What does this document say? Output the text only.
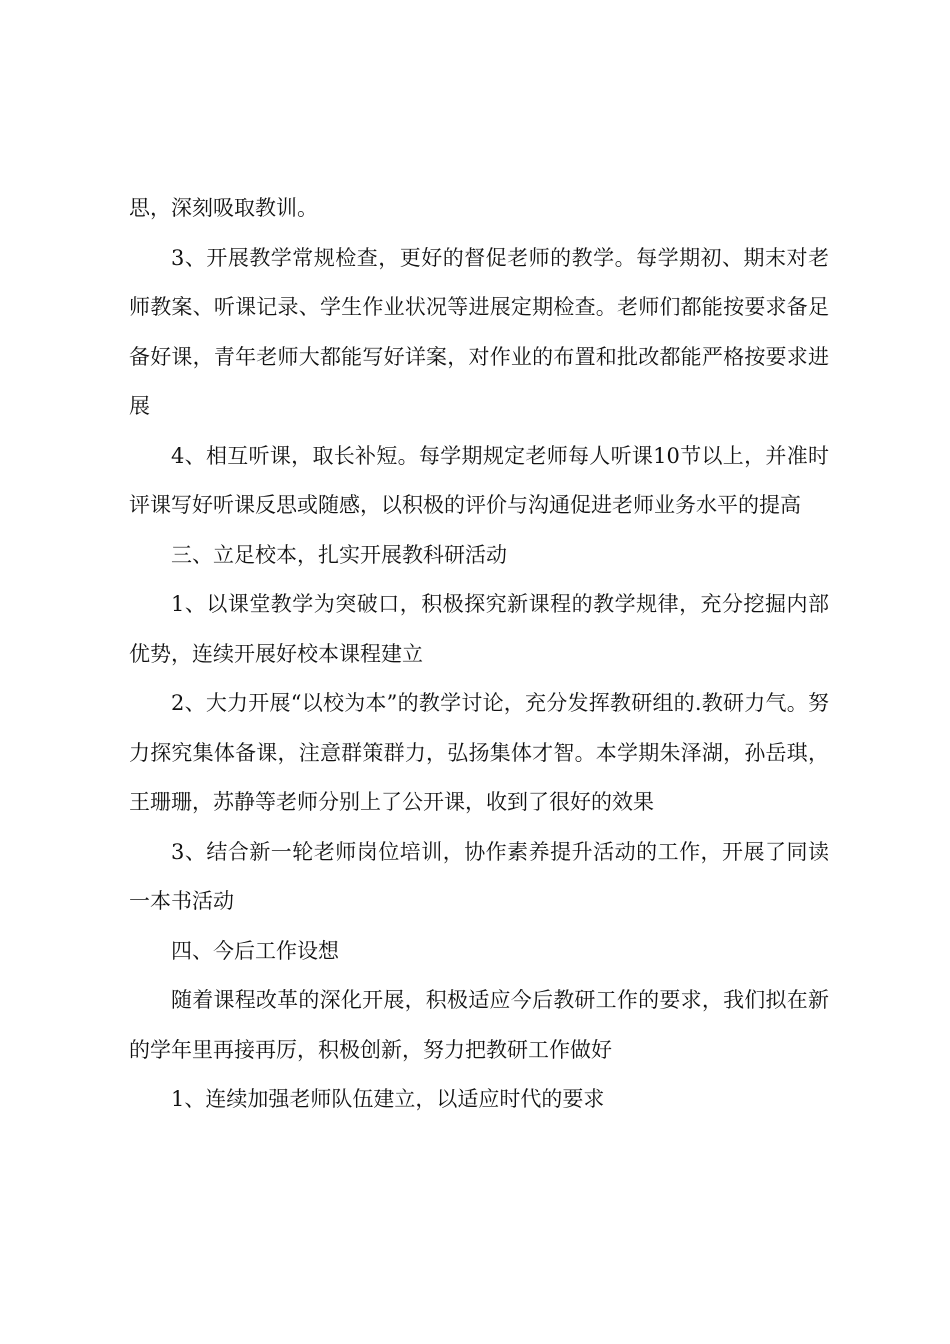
思，深刻吸取教训。

3、开展教学常规检查，更好的督促老师的教学。每学期初、期末对老师教案、听课记录、学生作业状况等进展定期检查。老师们都能按要求备足备好课，青年老师大都能写好详案，对作业的布置和批改都能严格按要求进展

4、相互听课，取长补短。每学期规定老师每人听课10节以上，并准时评课写好听课反思或随感，以积极的评价与沟通促进老师业务水平的提高

三、立足校本，扎实开展教科研活动

1、以课堂教学为突破口，积极探究新课程的教学规律，充分挖掘内部优势，连续开展好校本课程建立

2、大力开展“以校为本”的教学讨论，充分发挥教研组的.教研力气。努力探究集体备课，注意群策群力，弘扬集体才智。本学期朱泽湖，孙岳琪，王珊珊，苏静等老师分别上了公开课，收到了很好的效果

3、结合新一轮老师岗位培训，协作素养提升活动的工作，开展了同读一本书活动

四、今后工作设想

随着课程改革的深化开展，积极适应今后教研工作的要求，我们拟在新的学年里再接再厉，积极创新，努力把教研工作做好

1、连续加强老师队伍建立，以适应时代的要求
